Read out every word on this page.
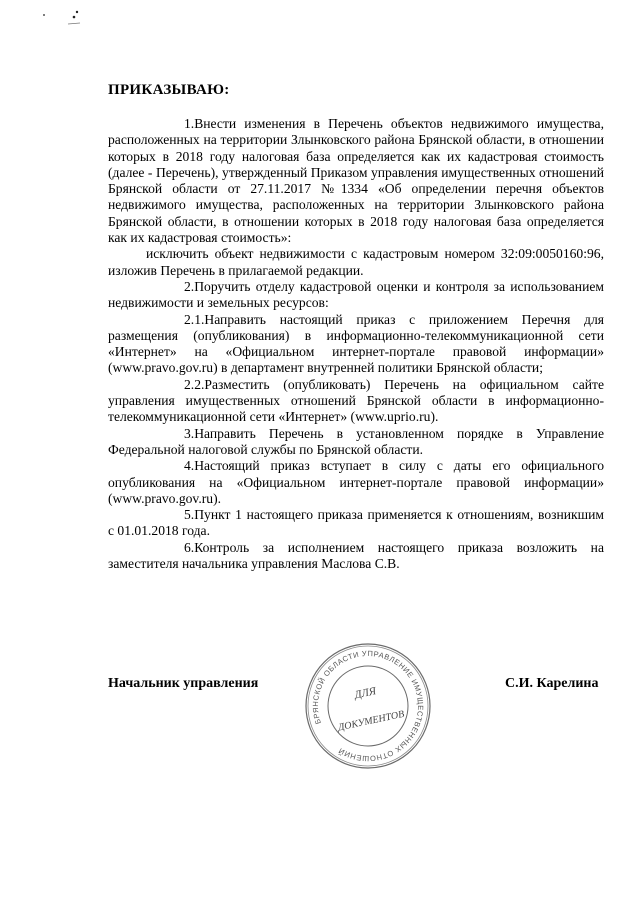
ПРИКАЗЫВАЮ:

1.Внести изменения в Перечень объектов недвижимого имущества, расположенных на территории Злынковского района Брянской области, в отношении которых в 2018 году налоговая база определяется как их кадастровая стоимость (далее - Перечень), утвержденный Приказом управления имущественных отношений Брянской области от 27.11.2017 №1334 «Об определении перечня объектов недвижимого имущества, расположенных на территории Злынковского района Брянской области, в отношении которых в 2018 году налоговая база определяется как их кадастровая стоимость»:

исключить объект недвижимости с кадастровым номером 32:09:0050160:96, изложив Перечень в прилагаемой редакции.

2.Поручить отделу кадастровой оценки и контроля за использованием недвижимости и земельных ресурсов:

2.1.Направить настоящий приказ с приложением Перечня для размещения (опубликования) в информационно-телекоммуникационной сети «Интернет» на «Официальном интернет-портале правовой информации» (www.pravo.gov.ru) в департамент внутренней политики Брянской области;

2.2.Разместить (опубликовать) Перечень на официальном сайте управления имущественных отношений Брянской области в информационно-телекоммуникационной сети «Интернет» (www.uprio.ru).

3.Направить Перечень в установленном порядке в Управление Федеральной налоговой службы по Брянской области.

4.Настоящий приказ вступает в силу с даты его официального опубликования на «Официальном интернет-портале правовой информации» (www.pravo.gov.ru).

5.Пункт 1 настоящего приказа применяется к отношениям, возникшим с 01.01.2018 года.

6.Контроль за исполнением настоящего приказа возложить на заместителя начальника управления Маслова С.В.

Начальник управления
БРЯНСКОЙ ОБЛАСТИ УПРАВЛЕНИЕ ИМУЩЕСТВЕННЫХ ОТНОШЕНИЙ
ДЛЯ
ДОКУМЕНТОВ
С.И. Карелина
